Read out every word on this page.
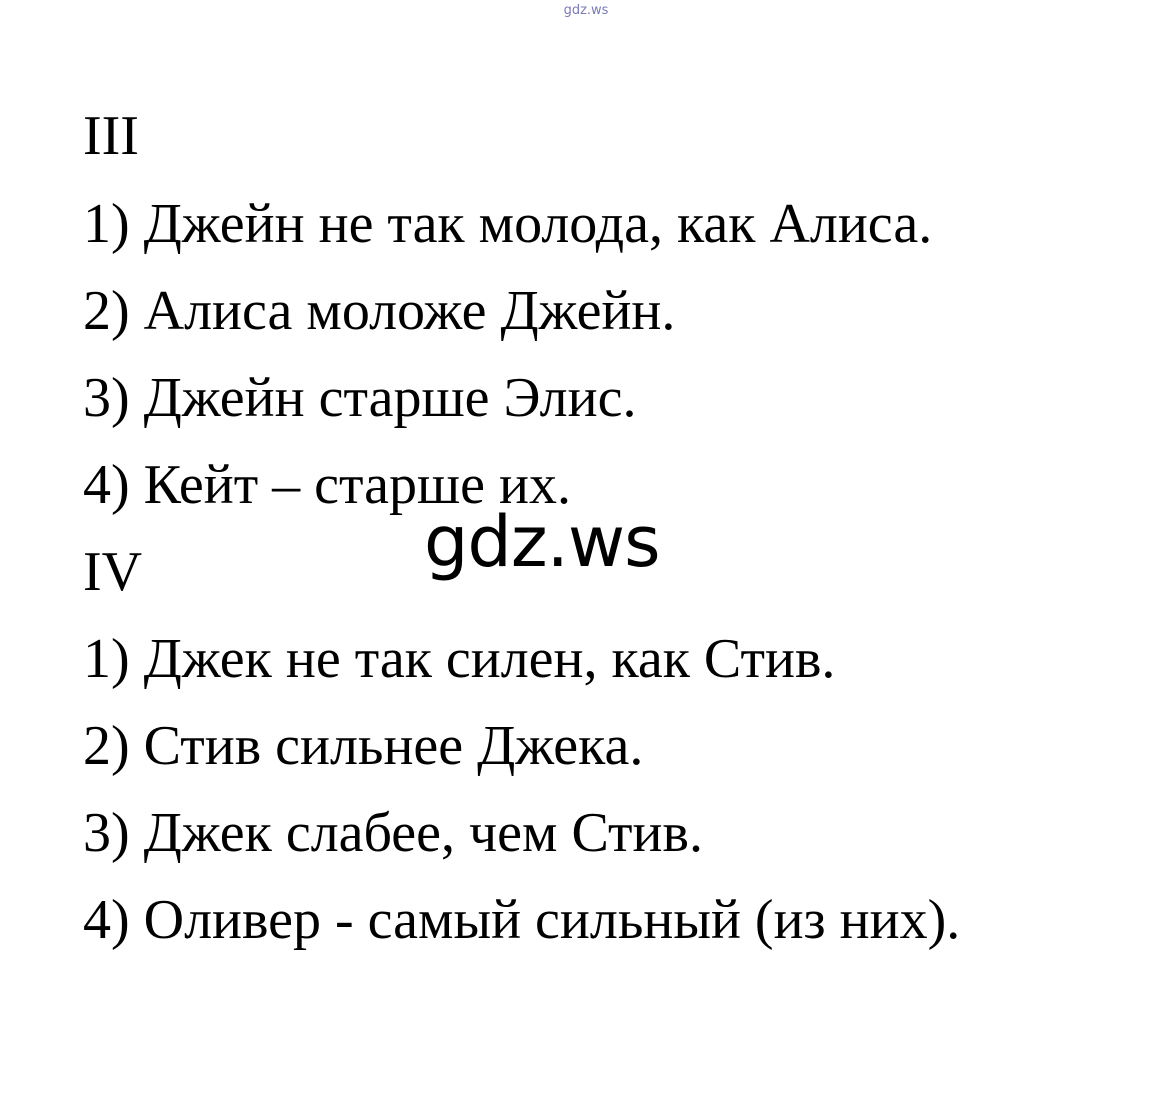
gdz.ws
III
1) Джейн не так молода, как Алиса.
2) Алиса моложе Джейн.
3) Джейн старше Элис.
4) Кейт – старше их.
IV
1) Джек не так силен, как Стив.
2) Стив сильнее Джека.
3) Джек слабее, чем Стив.
4) Оливер - самый сильный (из них).
gdz.ws
